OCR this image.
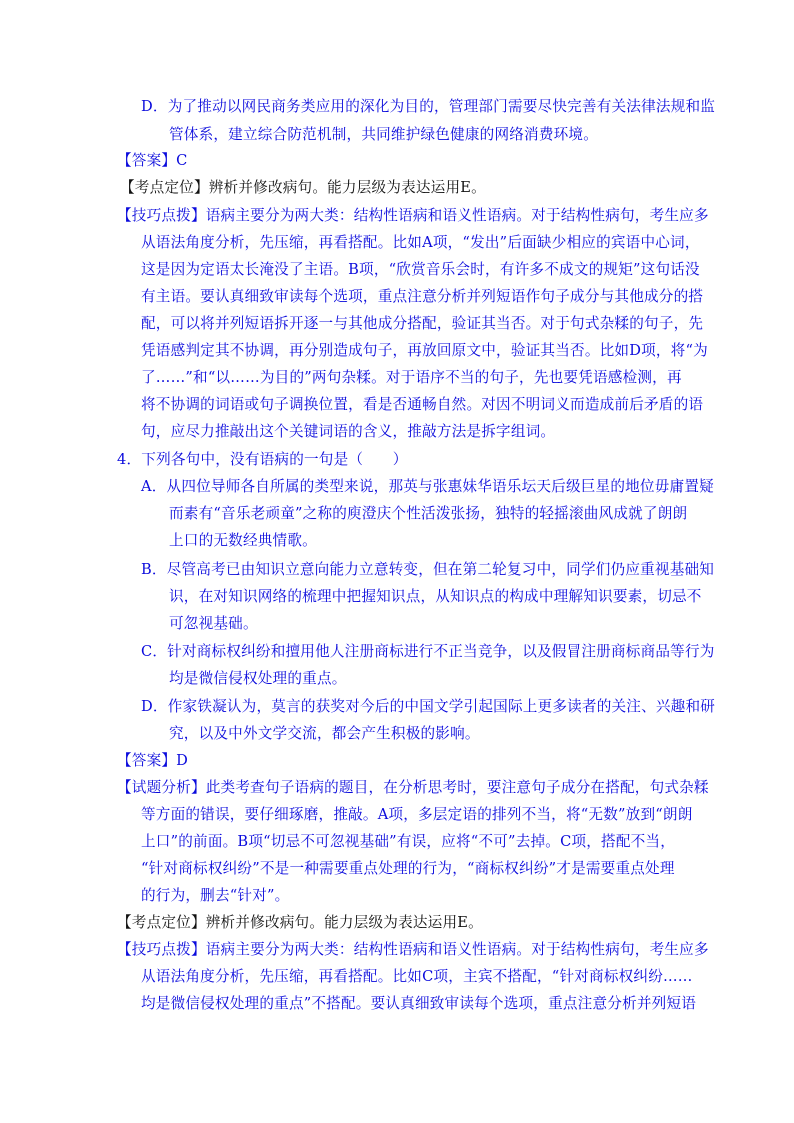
D．为了推动以网民商务类应用的深化为目的，管理部门需要尽快完善有关法律法规和监
管体系，建立综合防范机制，共同维护绿色健康的网络消费环境。
【答案】C
【考点定位】辨析并修改病句。能力层级为表达运用E。
【技巧点拨】语病主要分为两大类：结构性语病和语义性语病。对于结构性病句，考生应多
从语法角度分析，先压缩，再看搭配。比如A项，“发出”后面缺少相应的宾语中心词，
这是因为定语太长淹没了主语。B项，“欣赏音乐会时，有许多不成文的规矩”这句话没
有主语。要认真细致审读每个选项，重点注意分析并列短语作句子成分与其他成分的搭
配，可以将并列短语拆开逐一与其他成分搭配，验证其当否。对于句式杂糅的句子，先
凭语感判定其不协调，再分别造成句子，再放回原文中，验证其当否。比如D项，将“为
了……”和“以……为目的”两句杂糅。对于语序不当的句子，先也要凭语感检测，再
将不协调的词语或句子调换位置，看是否通畅自然。对因不明词义而造成前后矛盾的语
句，应尽力推敲出这个关键词语的含义，推敲方法是拆字组词。
4．下列各句中，没有语病的一句是（　　）
A．从四位导师各自所属的类型来说，那英与张惠妹华语乐坛天后级巨星的地位毋庸置疑
而素有“音乐老顽童”之称的庾澄庆个性活泼张扬，独特的轻摇滚曲风成就了朗朗
上口的无数经典情歌。
B．尽管高考已由知识立意向能力立意转变，但在第二轮复习中，同学们仍应重视基础知
识，在对知识网络的梳理中把握知识点，从知识点的构成中理解知识要素，切忌不
可忽视基础。
C．针对商标权纠纷和擅用他人注册商标进行不正当竞争，以及假冒注册商标商品等行为
均是微信侵权处理的重点。
D．作家铁凝认为，莫言的获奖对今后的中国文学引起国际上更多读者的关注、兴趣和研
究，以及中外文学交流，都会产生积极的影响。
【答案】D
【试题分析】此类考查句子语病的题目，在分析思考时，要注意句子成分在搭配，句式杂糅
等方面的错误，要仔细琢磨，推敲。A项，多层定语的排列不当，将“无数”放到“朗朗
上口”的前面。B项“切忌不可忽视基础”有误，应将“不可”去掉。C项，搭配不当，
“针对商标权纠纷”不是一种需要重点处理的行为，“商标权纠纷”才是需要重点处理
的行为，删去“针对”。
【考点定位】辨析并修改病句。能力层级为表达运用E。
【技巧点拨】语病主要分为两大类：结构性语病和语义性语病。对于结构性病句，考生应多
从语法角度分析，先压缩，再看搭配。比如C项，主宾不搭配，“针对商标权纠纷……
均是微信侵权处理的重点”不搭配。要认真细致审读每个选项，重点注意分析并列短语
